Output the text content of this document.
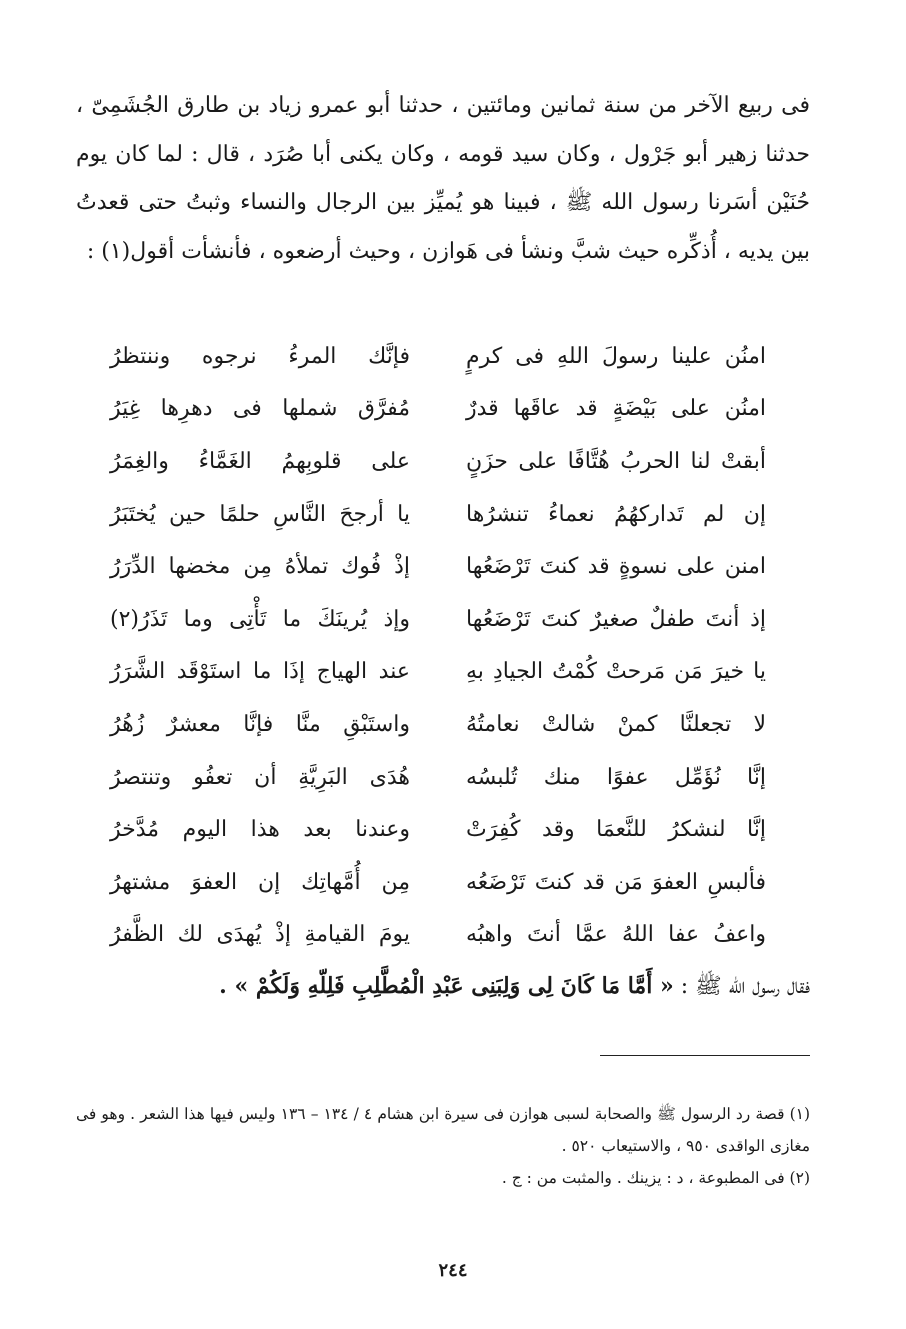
فى ربيع الآخر من سنة ثمانين ومائتين ، حدثنا أبو عمرو زياد بن طارق الجُشَمِىّ ، حدثنا زهير أبو جَرْول ، وكان سيد قومه ، وكان يكنى أبا صُرَد ، قال : لما كان يوم حُنَيْن أسَرنا رسول الله ﷺ ، فبينا هو يُميِّز بين الرجال والنساء وثبتُ حتى قعدتُ بين يديه ، أُذكِّره حيث شبَّ ونشأ فى هَوازن ، وحيث أرضعوه ، فأنشأت أقول(١) :

امنُن علينا رسولَ اللهِ فى كرمٍ
فإنَّك المرءُ نرجوه وننتظرُ
امنُن على بَيْضَةٍ قد عاقَها قدرٌ
مُفرَّق شملها فى دهرِها غِيَرُ
أبقتْ لنا الحربُ هُتَّافًا على حزَنٍ
على قلوبِهمُ الغَمَّاءُ والغِمَرُ
إن لم تَداركهُمُ نعماءُ تنشرُها
يا أرجحَ النَّاسِ حلمًا حين يُختَبَرُ
امنن على نسوةٍ قد كنتَ تَرْضَعُها
إذْ فُوك تملأهُ مِن مخضها الدِّرَرُ
إذ أنتَ طفلٌ صغيرٌ كنتَ تَرْضَعُها
وإذ يُرينَكَ ما تَأْتِى وما تَذَرُ(٢)
يا خيرَ مَن مَرحتْ كُمْتُ الجيادِ بهِ
عند الهياج إذَا ما استَوْقَد الشَّرَرُ
لا تجعلنَّا كمنْ شالتْ نعامتُهُ
واستَبْقِ منَّا فإنَّا معشرٌ زُهُرُ
إنَّا نُؤَمِّل عفوًا منك تُلبسُه
هُدَى البَرِيَّةِ أن تعفُو وتنتصرُ
إنَّا لنشكرُ للنَّعمَا وقد كُفِرَتْ
وعندنا بعد هذا اليوم مُدَّخرُ
فألبسِ العفوَ مَن قد كنتَ تَرْضَعُه
مِن أُمَّهاتِك إن العفوَ مشتهرُ
واعفُ عفا اللهُ عمَّا أنتَ واهبُه
يومَ القيامةِ إذْ يُهدَى لك الظَّفرُ
فقال رسول الله ﷺ : « أَمَّا مَا كَانَ لِى وَلِبَنِى عَبْدِ الْمُطَّلِبِ فَلِلّهِ وَلَكُمْ » .

(١) قصة رد الرسول ﷺ والصحابة لسبى هوازن فى سيرة ابن هشام ٤ / ١٣٤ – ١٣٦ وليس فيها هذا الشعر . وهو فى مغازى الواقدى ٩٥٠ ، والاستيعاب ٥٢٠ .

(٢) فى المطبوعة ، د : يزينك . والمثبت من : ج .

٢٤٤
